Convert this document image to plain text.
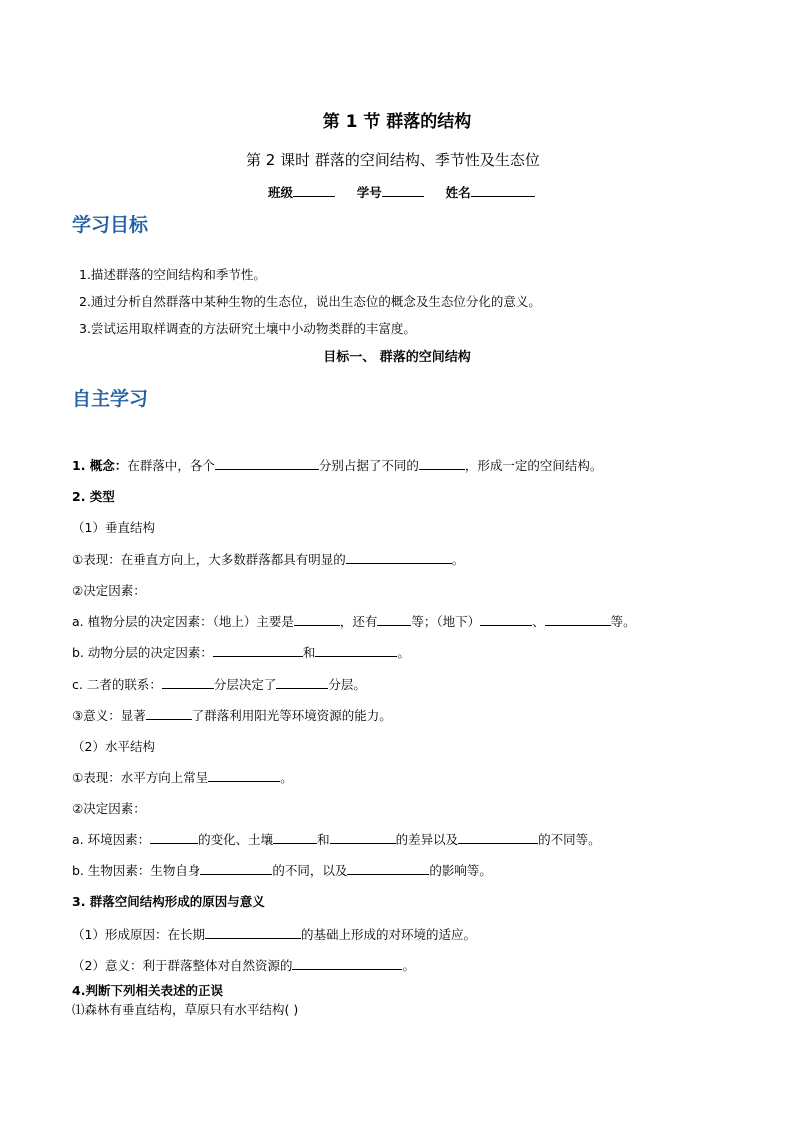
第 1 节 群落的结构
第 2 课时 群落的空间结构、季节性及生态位
班级	学号	姓名
学习目标
1.描述群落的空间结构和季节性。
2.通过分析自然群落中某种生物的生态位，说出生态位的概念及生态位分化的意义。
3.尝试运用取样调查的方法研究土壤中小动物类群的丰富度。
目标一、 群落的空间结构
自主学习
1. 概念：在群落中，各个	分别占据了不同的	，形成一定的空间结构。
2. 类型
（1）垂直结构
①表现：在垂直方向上，大多数群落都具有明显的	。
②决定因素：
a. 植物分层的决定因素：（地上）主要是	，还有	等；（地下）	、	等。
b. 动物分层的决定因素：	和	。
c. 二者的联系：	分层决定了	分层。
③意义：显著	了群落利用阳光等环境资源的能力。
（2）水平结构
①表现：水平方向上常呈	。
②决定因素：
a. 环境因素：	的变化、土壤	和	的差异以及	的不同等。
b. 生物因素：生物自身	的不同，以及	的影响等。
3. 群落空间结构形成的原因与意义
（1）形成原因：在长期	的基础上形成的对环境的适应。
（2）意义：利于群落整体对自然资源的	。
4.判断下列相关表述的正误
⑴森林有垂直结构，草原只有水平结构( )
